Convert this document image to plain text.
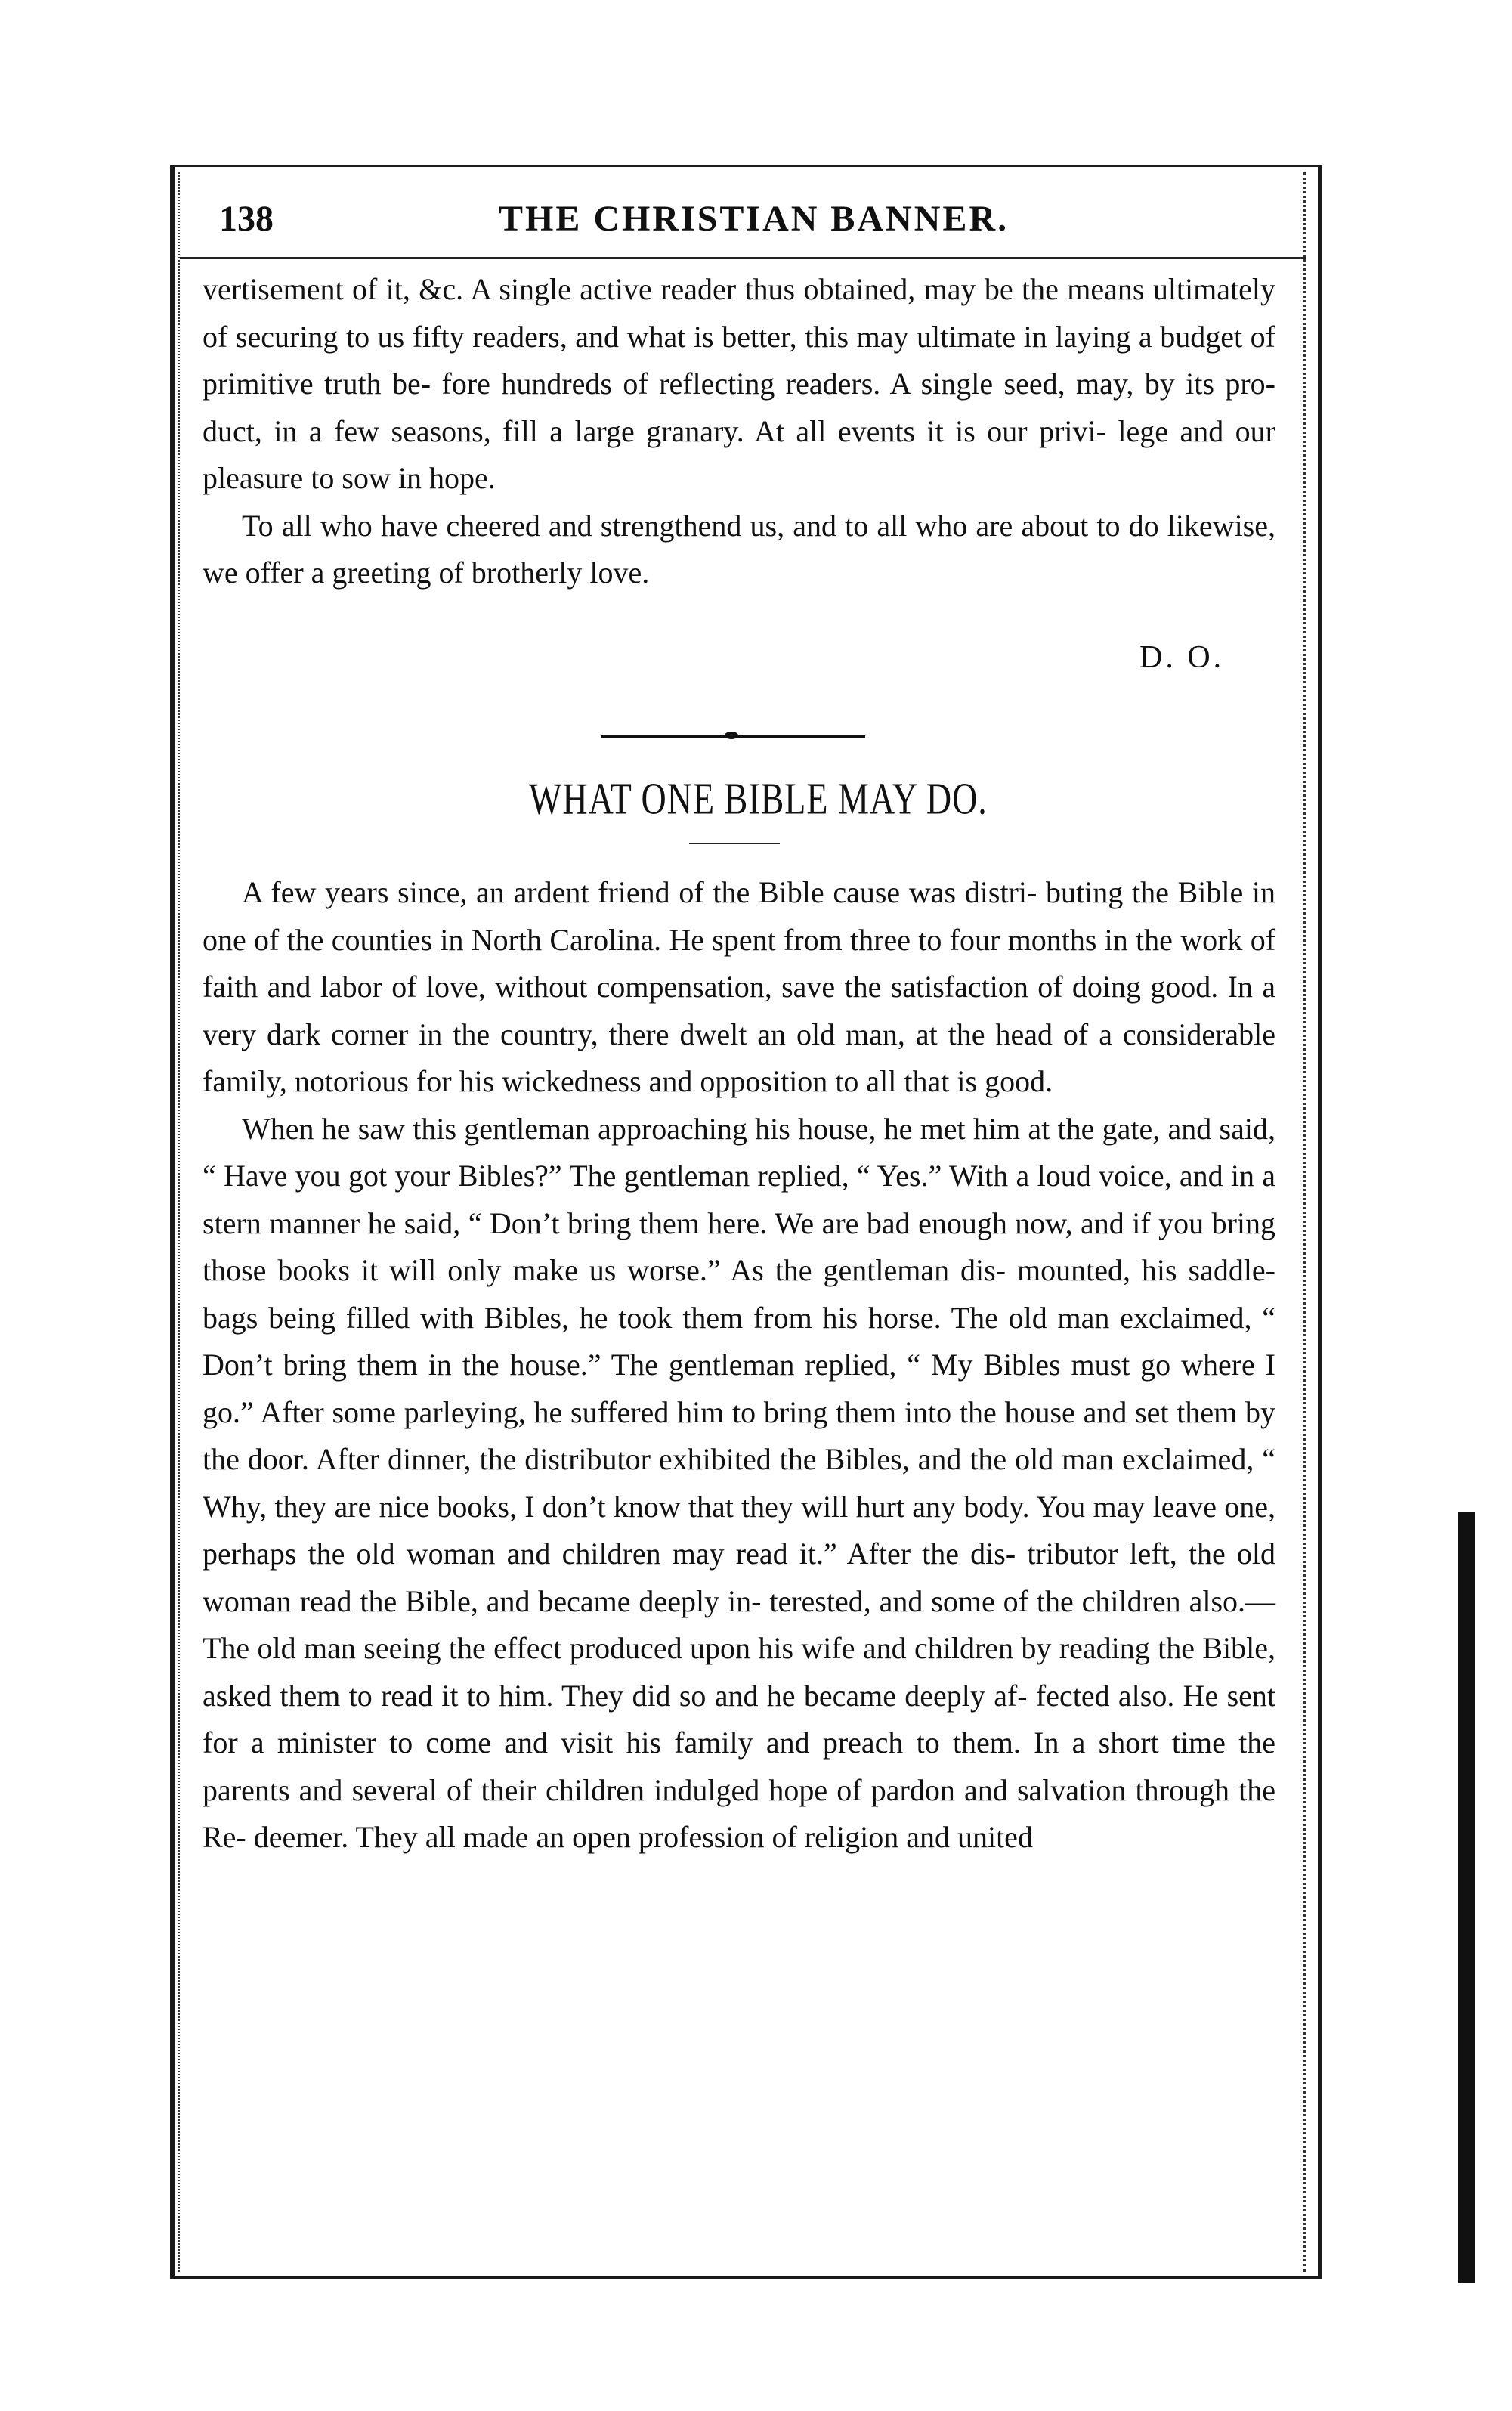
138	THE CHRISTIAN BANNER.

vertisement of it, &c. A single active reader thus obtained, may be the means ultimately of securing to us fifty readers, and what is better, this may ultimate in laying a budget of primitive truth be- fore hundreds of reflecting readers. A single seed, may, by its pro- duct, in a few seasons, fill a large granary. At all events it is our privi- lege and our pleasure to sow in hope.

To all who have cheered and strengthend us, and to all who are about to do likewise, we offer a greeting of brotherly love.

D. O.
WHAT ONE BIBLE MAY DO.

A few years since, an ardent friend of the Bible cause was distri- buting the Bible in one of the counties in North Carolina. He spent from three to four months in the work of faith and labor of love, without compensation, save the satisfaction of doing good. In a very dark corner in the country, there dwelt an old man, at the head of a considerable family, notorious for his wickedness and opposition to all that is good.

When he saw this gentleman approaching his house, he met him at the gate, and said, “ Have you got your Bibles?” The gentleman replied, “ Yes.” With a loud voice, and in a stern manner he said, “ Don’t bring them here. We are bad enough now, and if you bring those books it will only make us worse.” As the gentleman dis- mounted, his saddle-bags being filled with Bibles, he took them from his horse. The old man exclaimed, “ Don’t bring them in the house.” The gentleman replied, “ My Bibles must go where I go.” After some parleying, he suffered him to bring them into the house and set them by the door. After dinner, the distributor exhibited the Bibles, and the old man exclaimed, “ Why, they are nice books, I don’t know that they will hurt any body. You may leave one, perhaps the old woman and children may read it.” After the dis- tributor left, the old woman read the Bible, and became deeply in- terested, and some of the children also.—The old man seeing the effect produced upon his wife and children by reading the Bible, asked them to read it to him. They did so and he became deeply af- fected also. He sent for a minister to come and visit his family and preach to them. In a short time the parents and several of their children indulged hope of pardon and salvation through the Re- deemer. They all made an open profession of religion and united
